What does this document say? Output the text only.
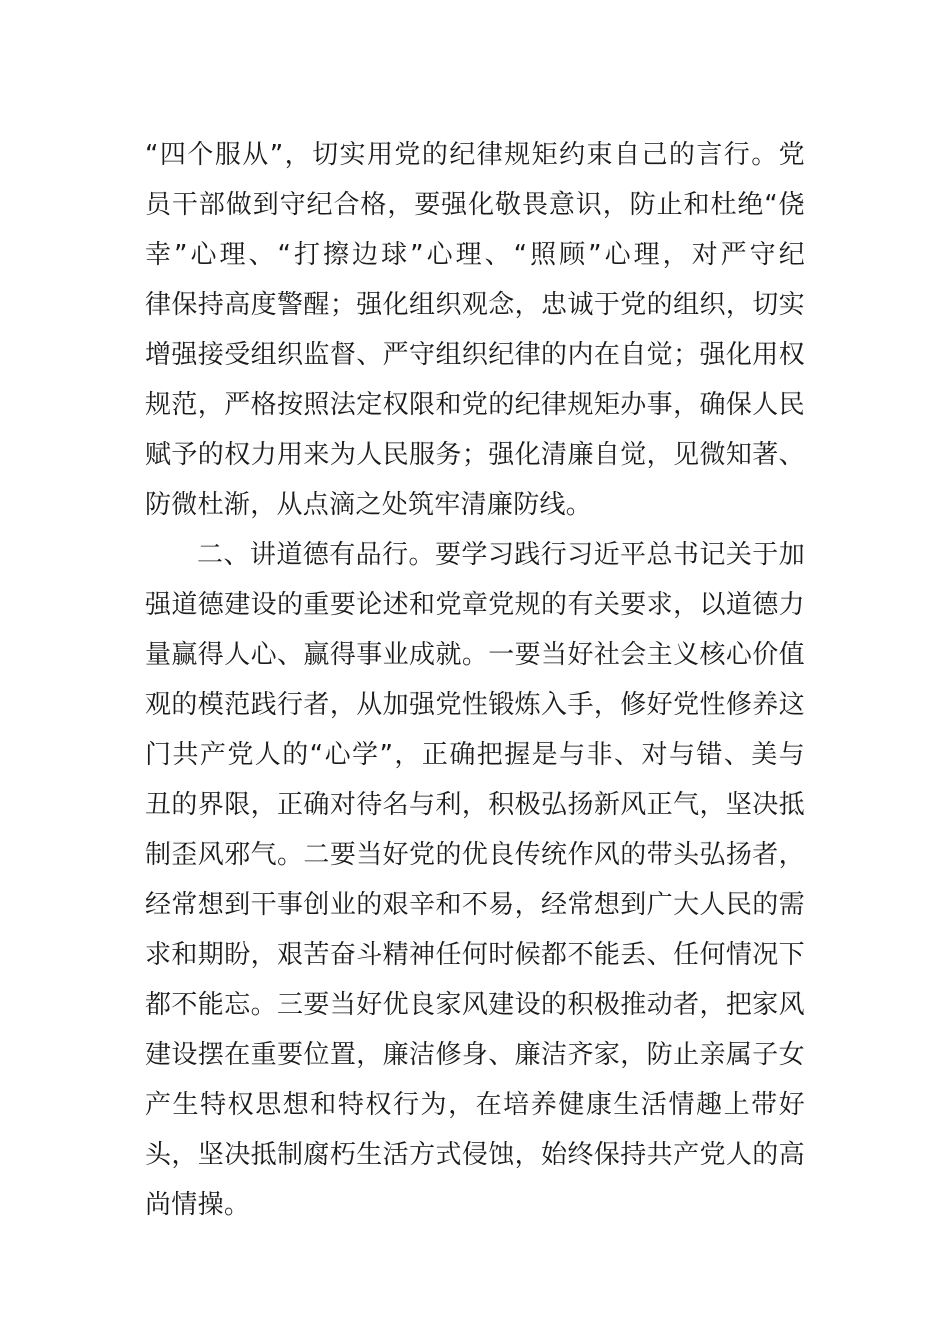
“四个服从”，切实用党的纪律规矩约束自己的言行。党
员干部做到守纪合格，要强化敬畏意识，防止和杜绝“侥
幸”心理、“打擦边球”心理、“照顾”心理，对严守纪
律保持高度警醒；强化组织观念，忠诚于党的组织，切实
增强接受组织监督、严守组织纪律的内在自觉；强化用权
规范，严格按照法定权限和党的纪律规矩办事，确保人民
赋予的权力用来为人民服务；强化清廉自觉，见微知著、
防微杜渐，从点滴之处筑牢清廉防线。
二、讲道德有品行。要学习践行习近平总书记关于加
强道德建设的重要论述和党章党规的有关要求，以道德力
量赢得人心、赢得事业成就。一要当好社会主义核心价值
观的模范践行者，从加强党性锻炼入手，修好党性修养这
门共产党人的“心学”，正确把握是与非、对与错、美与
丑的界限，正确对待名与利，积极弘扬新风正气，坚决抵
制歪风邪气。二要当好党的优良传统作风的带头弘扬者，
经常想到干事创业的艰辛和不易，经常想到广大人民的需
求和期盼，艰苦奋斗精神任何时候都不能丢、任何情况下
都不能忘。三要当好优良家风建设的积极推动者，把家风
建设摆在重要位置，廉洁修身、廉洁齐家，防止亲属子女
产生特权思想和特权行为，在培养健康生活情趣上带好
头，坚决抵制腐朽生活方式侵蚀，始终保持共产党人的高
尚情操。
